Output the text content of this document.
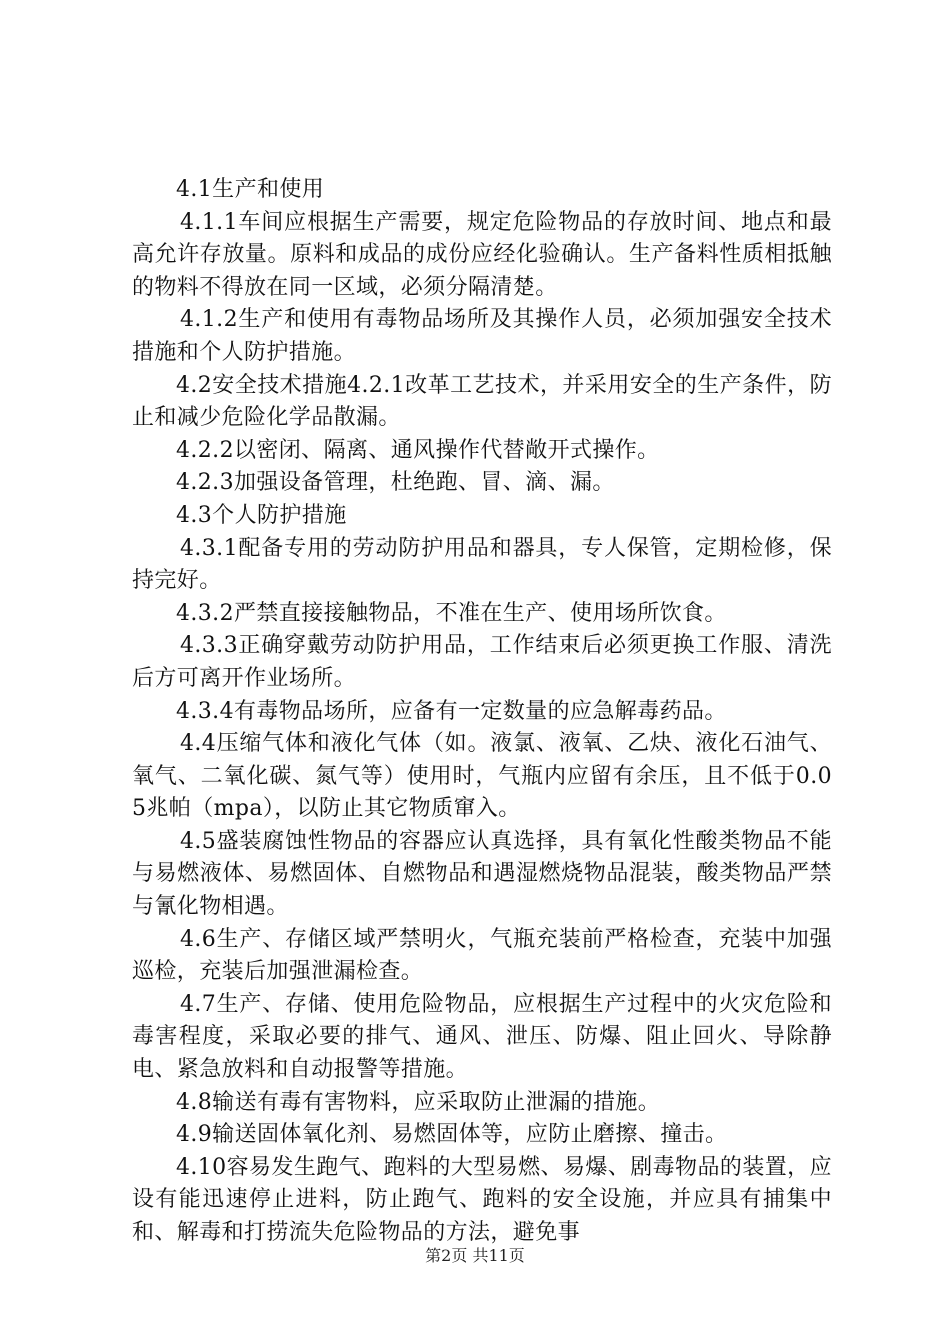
4.1生产和使用

4.1.1车间应根据生产需要，规定危险物品的存放时间、地点和最高允许存放量。原料和成品的成份应经化验确认。生产备料性质相抵触的物料不得放在同一区域，必须分隔清楚。

4.1.2生产和使用有毒物品场所及其操作人员，必须加强安全技术措施和个人防护措施。

4.2安全技术措施4.2.1改革工艺技术，并采用安全的生产条件，防止和减少危险化学品散漏。

4.2.2以密闭、隔离、通风操作代替敞开式操作。

4.2.3加强设备管理，杜绝跑、冒、滴、漏。

4.3个人防护措施

4.3.1配备专用的劳动防护用品和器具，专人保管，定期检修，保持完好。

4.3.2严禁直接接触物品，不准在生产、使用场所饮食。

4.3.3正确穿戴劳动防护用品，工作结束后必须更换工作服、清洗后方可离开作业场所。

4.3.4有毒物品场所，应备有一定数量的应急解毒药品。

4.4压缩气体和液化气体（如。液氯、液氧、乙炔、液化石油气、氧气、二氧化碳、氮气等）使用时，气瓶内应留有余压，且不低于0.05兆帕（mpa），以防止其它物质窜入。

4.5盛装腐蚀性物品的容器应认真选择，具有氧化性酸类物品不能与易燃液体、易燃固体、自燃物品和遇湿燃烧物品混装，酸类物品严禁与氰化物相遇。

4.6生产、存储区域严禁明火，气瓶充装前严格检查，充装中加强巡检，充装后加强泄漏检查。

4.7生产、存储、使用危险物品，应根据生产过程中的火灾危险和毒害程度，采取必要的排气、通风、泄压、防爆、阻止回火、导除静电、紧急放料和自动报警等措施。

4.8输送有毒有害物料，应采取防止泄漏的措施。

4.9输送固体氧化剂、易燃固体等，应防止磨擦、撞击。

4.10容易发生跑气、跑料的大型易燃、易爆、剧毒物品的装置，应设有能迅速停止进料，防止跑气、跑料的安全设施，并应具有捕集中和、解毒和打捞流失危险物品的方法，避免事

第2页 共11页
